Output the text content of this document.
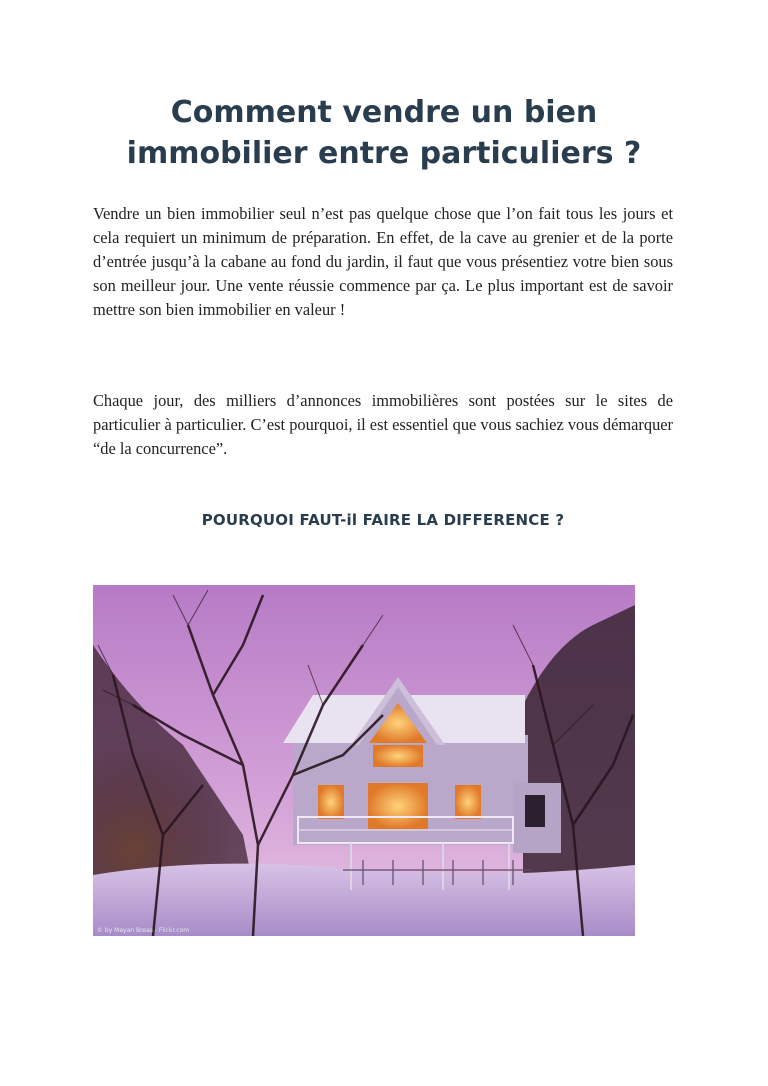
Comment vendre un bien immobilier entre particuliers ?

Vendre un bien immobilier seul n’est pas quelque chose que l’on fait tous les jours et cela requiert un minimum de préparation. En effet, de la cave au grenier et de la porte d’entrée jusqu’à la cabane au fond du jardin, il faut que vous présentiez votre bien sous son meilleur jour. Une vente réussie commence par ça. Le plus important est de savoir mettre son bien immobilier en valeur !

Chaque jour, des milliers d’annonces immobilières sont postées sur le sites de particulier à particulier. C’est pourquoi, il est essentiel que vous sachiez vous démarquer “de la concurrence”.

POURQUOI FAUT-il FAIRE LA DIFFERENCE ?
© by Mayan Breas - Flickr.com
